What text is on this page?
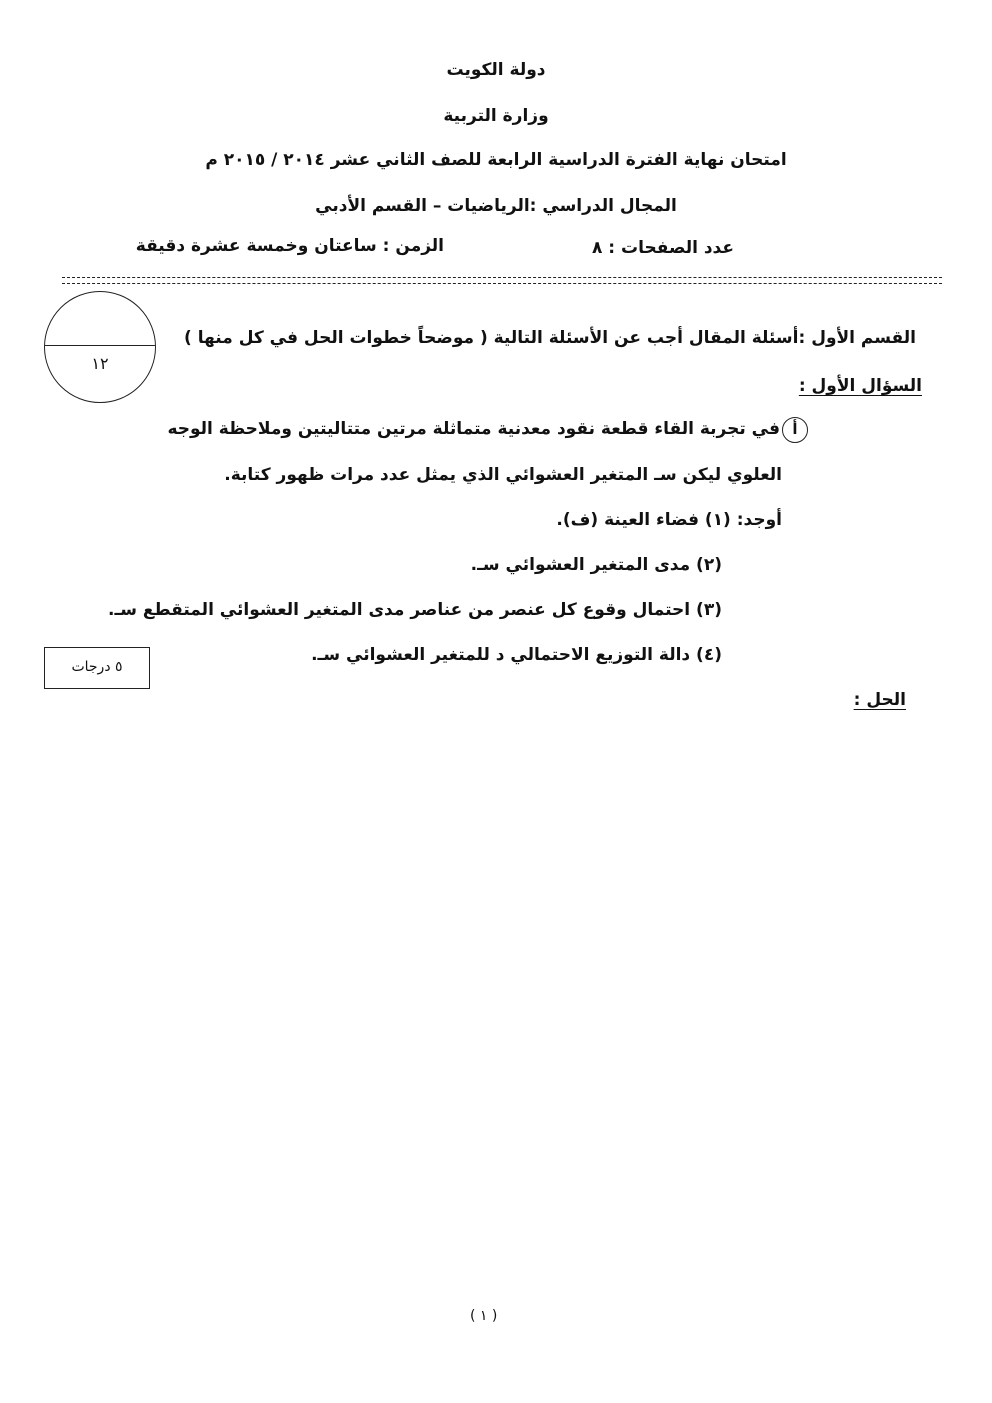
دولة الكويت
وزارة التربية
امتحان نهاية الفترة الدراسية الرابعة للصف الثاني عشر ٢٠١٤ / ٢٠١٥ م
المجال الدراسي :الرياضيات – القسم الأدبي
عدد الصفحات : ٨
الزمن : ساعتان وخمسة عشرة دقيقة
١٢
القسم الأول :أسئلة المقال أجب عن الأسئلة التالية ( موضحاً خطوات الحل في كل منها )
السؤال الأول :
أفي تجربة القاء قطعة نقود معدنية متماثلة مرتين متتاليتين وملاحظة الوجه
العلوي ليكن سـ المتغير العشوائي الذي يمثل عدد مرات ظهور كتابة.
أوجد: (١) فضاء العينة (ف).
(٢) مدى المتغير العشوائي سـ.
(٣) احتمال وقوع كل عنصر من عناصر مدى المتغير العشوائي المتقطع سـ.
(٤) دالة التوزيع الاحتمالي د للمتغير العشوائي سـ.
٥ درجات
الحل :
( ١ )
